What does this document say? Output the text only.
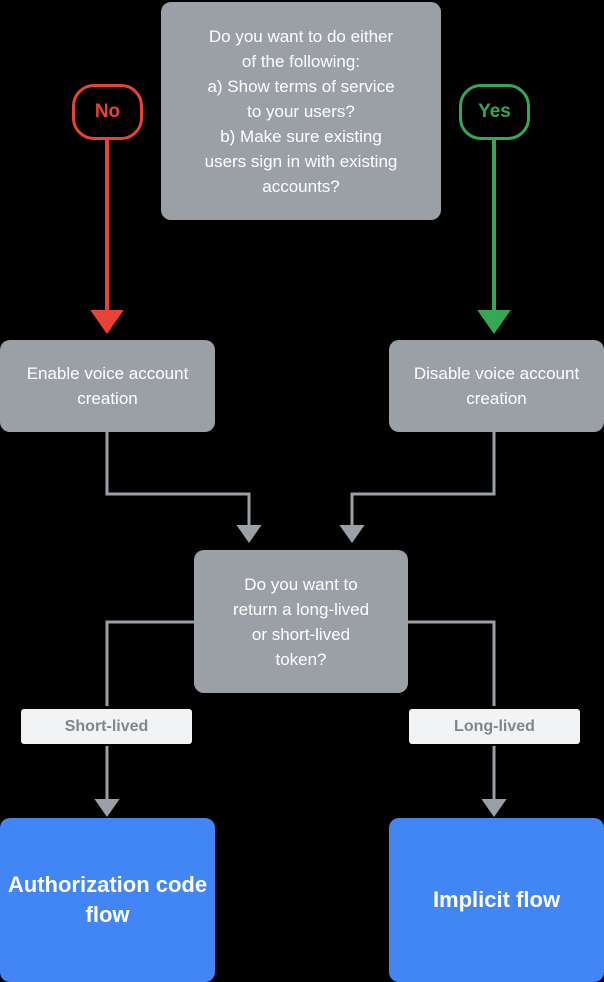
Do you want to do either
of the following:
a) Show terms of service
to your users?
b) Make sure existing
users sign in with existing
accounts?
No	Yes
Enable voice account creation
Disable voice account creation
Do you want to
return a long-lived
or short-lived
token?
Short-lived	Long-lived
Authorization code flow
Implicit flow
